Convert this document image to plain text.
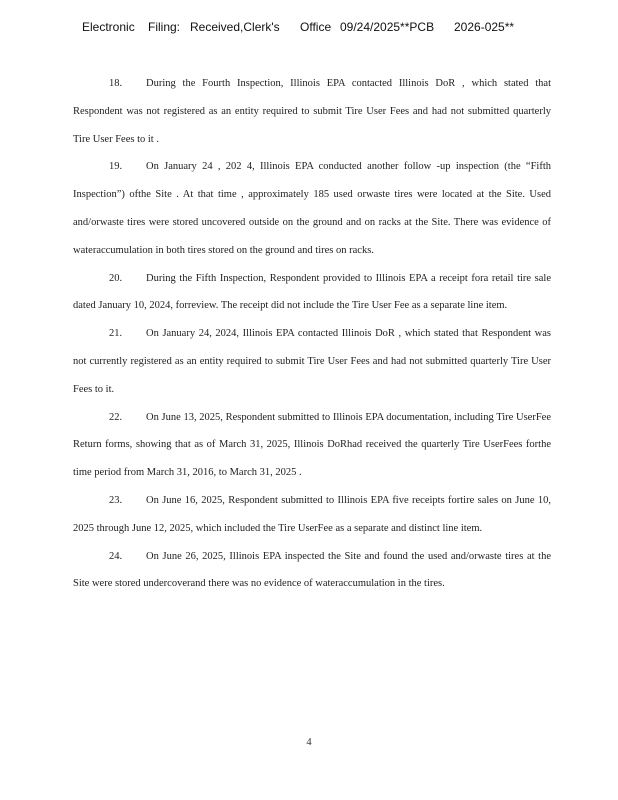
Electronic Filing: Received,Clerk's Office 09/24/2025**PCB 2026-025**

18. During the Fourth Inspection, Illinois EPA contacted Illinois DoR , which stated that Respondent was not registered as an entity required to submit Tire User Fees and had not submitted quarterly Tire User Fees to it .

19. On January 24 , 202 4, Illinois EPA conducted another follow -up inspection (the “Fifth Inspection”) ofthe Site . At that time , approximately 185 used orwaste tires were located at the Site. Used and/orwaste tires were stored uncovered outside on the ground and on racks at the Site. There was evidence of wateraccumulation in both tires stored on the ground and tires on racks.

20. During the Fifth Inspection, Respondent provided to Illinois EPA a receipt fora retail tire sale dated January 10, 2024, forreview. The receipt did not include the Tire User Fee as a separate line item.

21. On January 24, 2024, Illinois EPA contacted Illinois DoR , which stated that Respondent was not currently registered as an entity required to submit Tire User Fees and had not submitted quarterly Tire User Fees to it.

22. On June 13, 2025, Respondent submitted to Illinois EPA documentation, including Tire UserFee Return forms, showing that as of March 31, 2025, Illinois DoRhad received the quarterly Tire UserFees forthe time period from March 31, 2016, to March 31, 2025 .

23. On June 16, 2025, Respondent submitted to Illinois EPA five receipts fortire sales on June 10, 2025 through June 12, 2025, which included the Tire UserFee as a separate and distinct line item.

24. On June 26, 2025, Illinois EPA inspected the Site and found the used and/orwaste tires at the Site were stored undercoverand there was no evidence of wateraccumulation in the tires.

4
